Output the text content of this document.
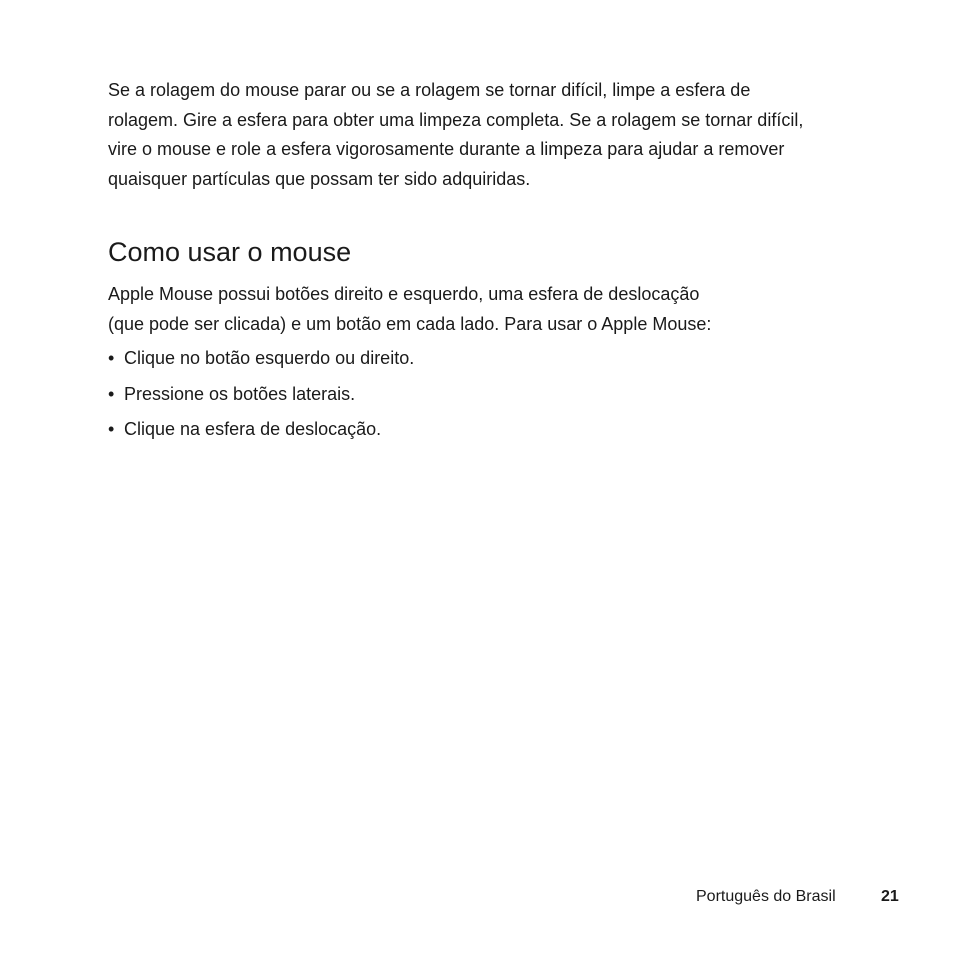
Se a rolagem do mouse parar ou se a rolagem se tornar difícil, limpe a esfera de
rolagem. Gire a esfera para obter uma limpeza completa. Se a rolagem se tornar difícil,
vire o mouse e role a esfera vigorosamente durante a limpeza para ajudar a remover
quaisquer partículas que possam ter sido adquiridas.

Como usar o mouse

Apple Mouse possui botões direito e esquerdo, uma esfera de deslocação
(que pode ser clicada) e um botão em cada lado. Para usar o Apple Mouse:

• Clique no botão esquerdo ou direito.
• Pressione os botões laterais.
• Clique na esfera de deslocação.
Português do Brasil	21
